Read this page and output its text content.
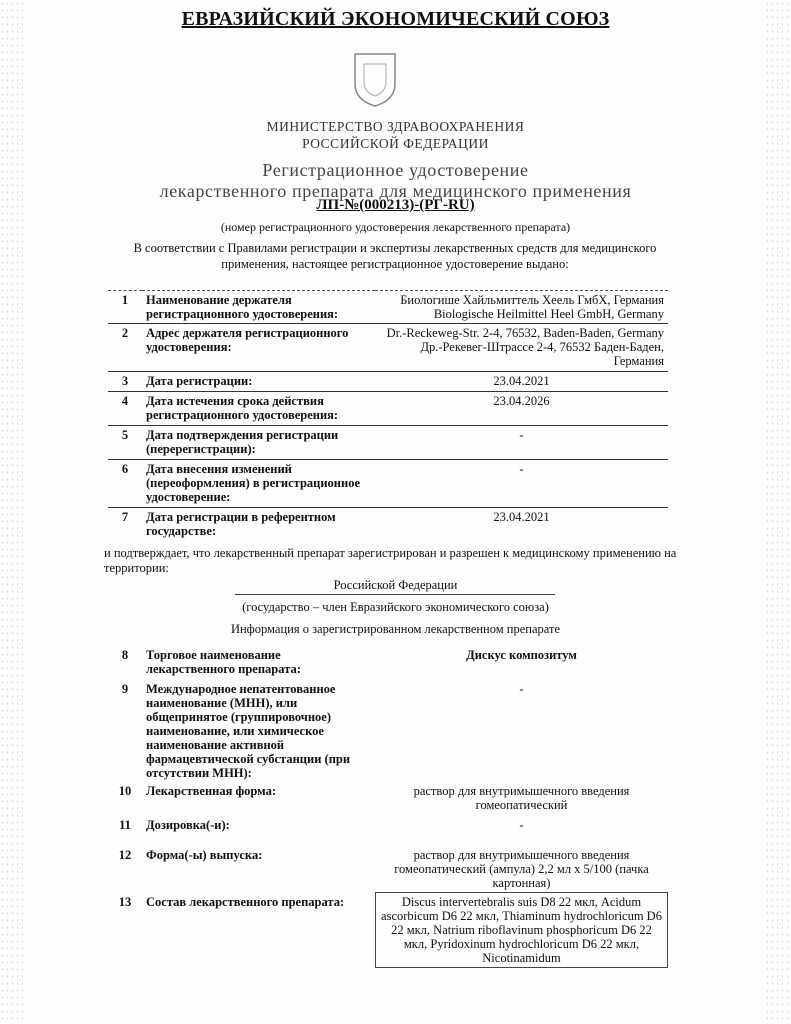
ЕВРАЗИЙСКИЙ ЭКОНОМИЧЕСКИЙ СОЮЗ
МИНИСТЕРСТВО ЗДРАВООХРАНЕНИЯ
РОССИЙСКОЙ ФЕДЕРАЦИИ
Регистрационное удостоверение
лекарственного препарата для медицинского применения
ЛП-№(000213)-(РГ-RU)
(номер регистрационного удостоверения лекарственного препарата)
В соответствии с Правилами регистрации и экспертизы лекарственных средств для медицинского применения, настоящее регистрационное удостоверение выдано:
1	Наименование держателя регистрационного удостоверения:	Биологише Хайльмиттель Хеель ГмбХ, Германия Biologische Heilmittel Heel GmbH, Germany
2	Адрес держателя регистрационного удостоверения:	Dr.-Reckeweg-Str. 2-4, 76532, Baden-Baden, Germany Др.-Рекевег-Штрассе 2-4, 76532 Баден-Баден, Германия
3	Дата регистрации:	23.04.2021
4	Дата истечения срока действия регистрационного удостоверения:	23.04.2026
5	Дата подтверждения регистрации (перерегистрации):	-
6	Дата внесения изменений (переоформления) в регистрационное удостоверение:	-
7	Дата регистрации в референтном государстве:	23.04.2021
и подтверждает, что лекарственный препарат зарегистрирован и разрешен к медицинскому применению на территории:
Российской Федерации
(государство – член Евразийского экономического союза)
Информация о зарегистрированном лекарственном препарате
8	Торговое наименование лекарственного препарата:	Дискус композитум
9	Международное непатентованное наименование (МНН), или общепринятое (группировочное) наименование, или химическое наименование активной фармацевтической субстанции (при отсутствии МНН):	-
10	Лекарственная форма:	раствор для внутримышечного введения гомеопатический
11	Дозировка(-и):	-
12	Форма(-ы) выпуска:	раствор для внутримышечного введения гомеопатический (ампула) 2,2 мл x 5/100 (пачка картонная)
13	Состав лекарственного препарата:	Discus intervertebralis suis D8 22 мкл, Acidum ascorbicum D6 22 мкл, Thiaminum hydrochloricum D6 22 мкл, Natrium riboflavinum phosphoricum D6 22 мкл, Pyridoxinum hydrochloricum D6 22 мкл, Nicotinamidum
